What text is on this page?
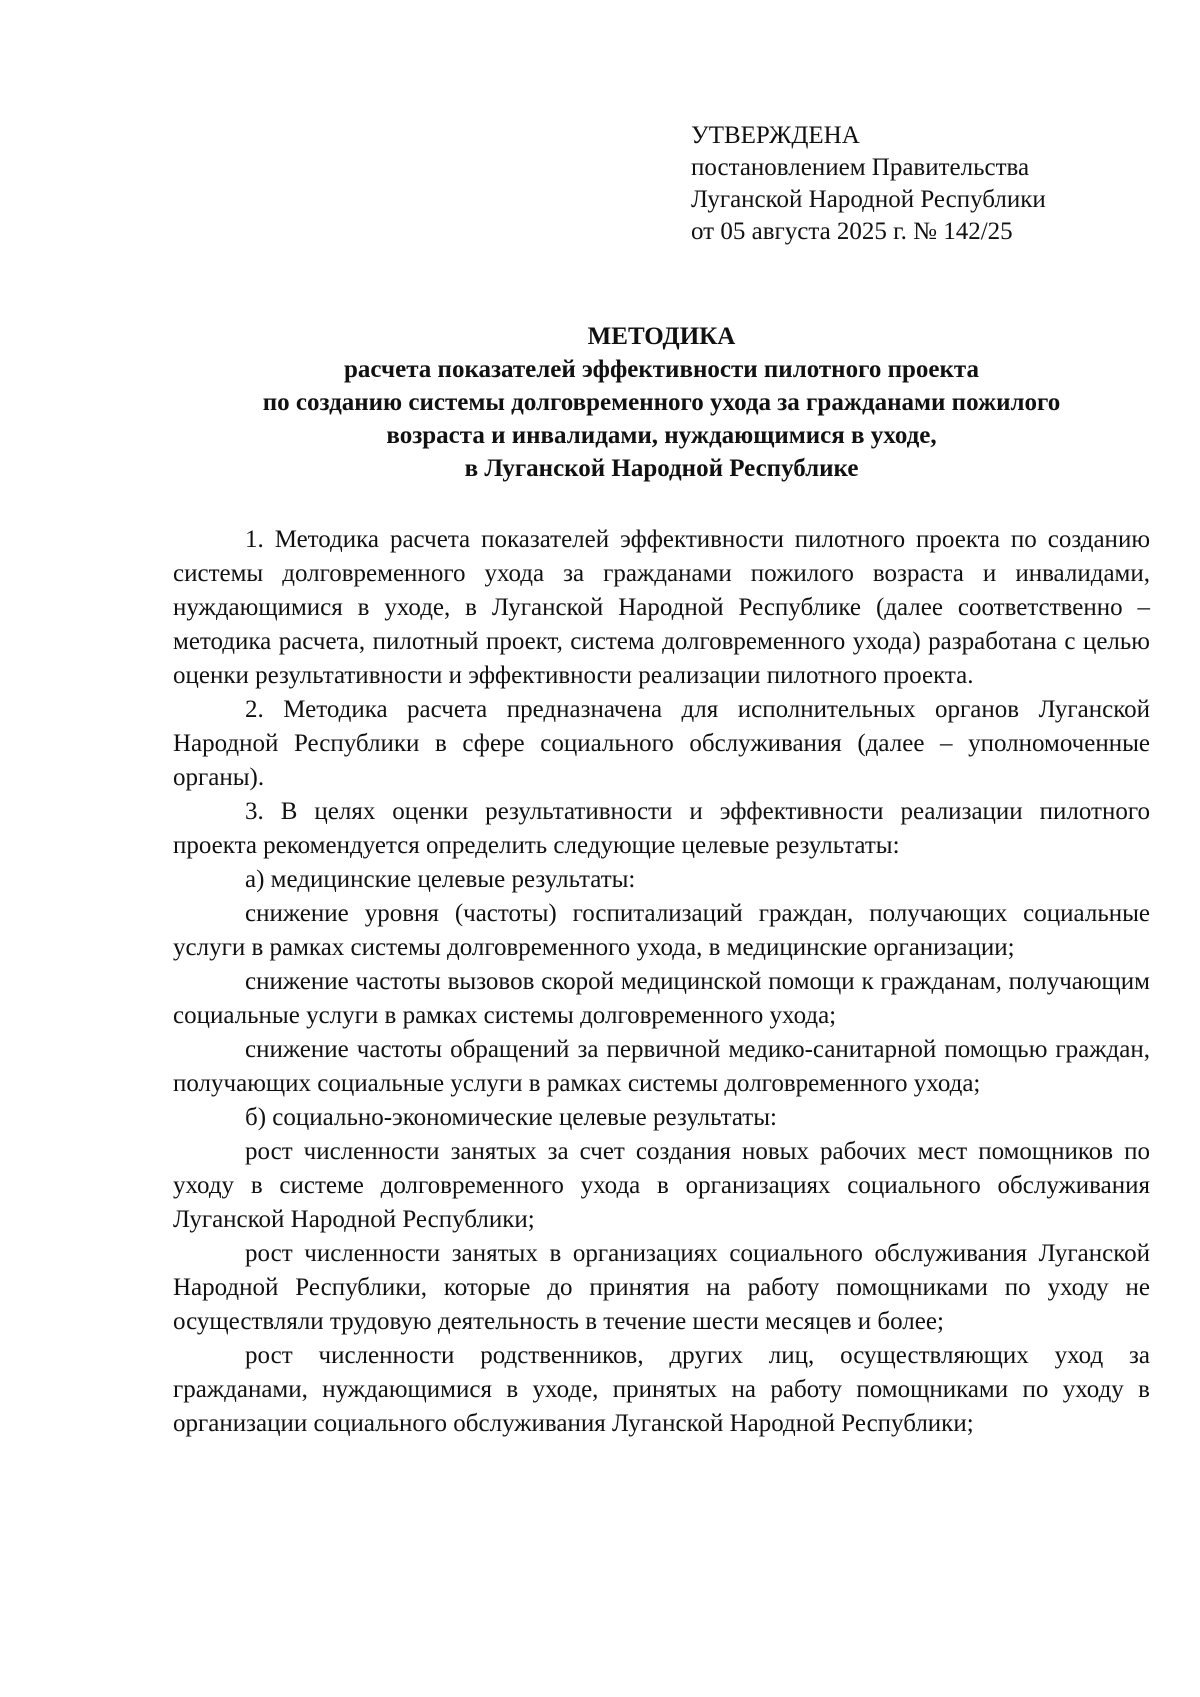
УТВЕРЖДЕНА
постановлением Правительства
Луганской Народной Республики
от 05 августа 2025 г. № 142/25
МЕТОДИКА
расчета показателей эффективности пилотного проекта
по созданию системы долговременного ухода за гражданами пожилого
возраста и инвалидами, нуждающимися в уходе,
в Луганской Народной Республике

1. Методика расчета показателей эффективности пилотного проекта по созданию системы долговременного ухода за гражданами пожилого возраста и инвалидами, нуждающимися в уходе, в Луганской Народной Республике (далее соответственно – методика расчета, пилотный проект, система долговременного ухода) разработана с целью оценки результативности и эффективности реализации пилотного проекта.

2. Методика расчета предназначена для исполнительных органов Луганской Народной Республики в сфере социального обслуживания (далее – уполномоченные органы).

3. В целях оценки результативности и эффективности реализации пилотного проекта рекомендуется определить следующие целевые результаты:

а) медицинские целевые результаты:

снижение уровня (частоты) госпитализаций граждан, получающих социальные услуги в рамках системы долговременного ухода, в медицинские организации;

снижение частоты вызовов скорой медицинской помощи к гражданам, получающим социальные услуги в рамках системы долговременного ухода;

снижение частоты обращений за первичной медико-санитарной помощью граждан, получающих социальные услуги в рамках системы долговременного ухода;

б) социально-экономические целевые результаты:

рост численности занятых за счет создания новых рабочих мест помощников по уходу в системе долговременного ухода в организациях социального обслуживания Луганской Народной Республики;

рост численности занятых в организациях социального обслуживания Луганской Народной Республики, которые до принятия на работу помощниками по уходу не осуществляли трудовую деятельность в течение шести месяцев и более;

рост численности родственников, других лиц, осуществляющих уход за гражданами, нуждающимися в уходе, принятых на работу помощниками по уходу в организации социального обслуживания Луганской Народной Республики;
